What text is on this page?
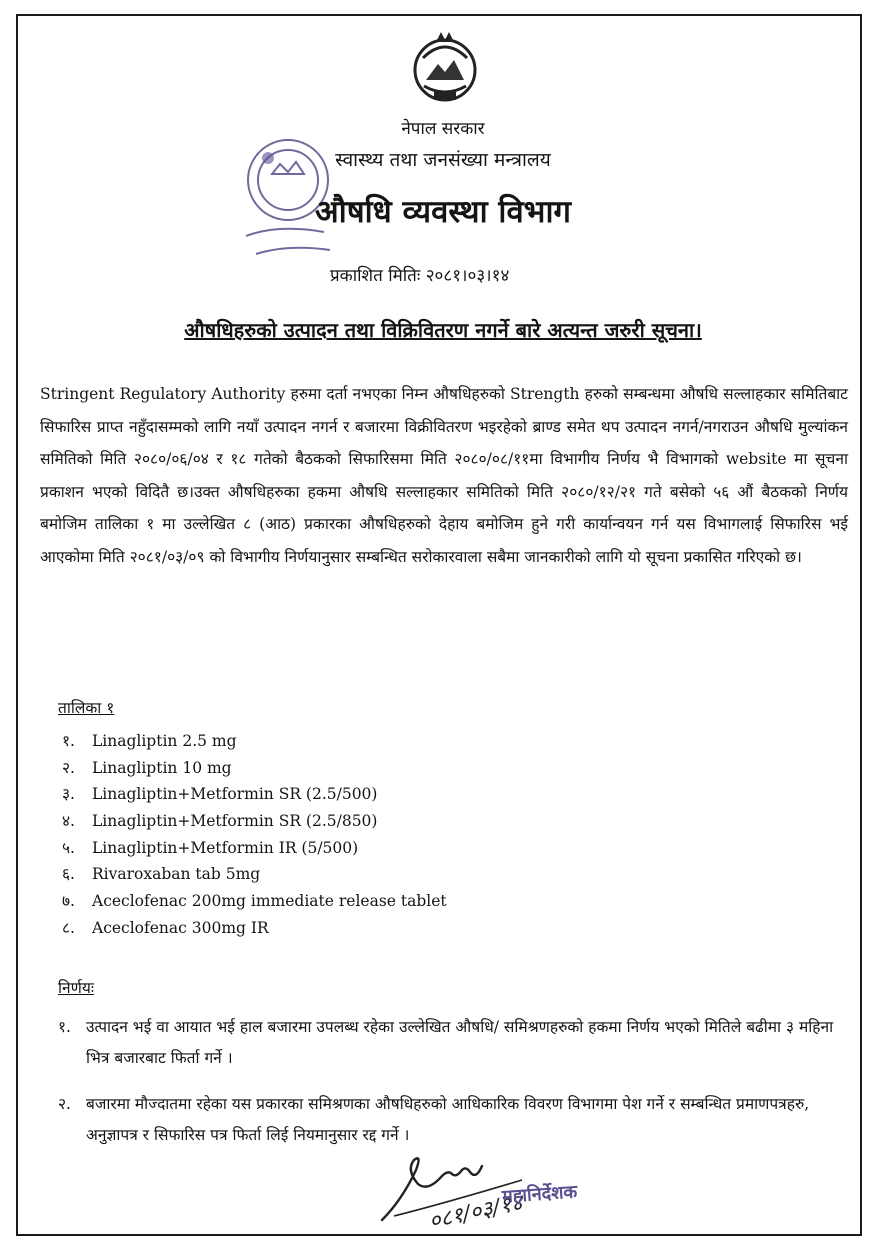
नेपाल सरकार

स्वास्थ्य तथा जनसंख्या मन्त्रालय

औषधि व्यवस्था विभाग

प्रकाशित मितिः २०८१।०३।१४

औषधिहरुको उत्पादन तथा विक्रिवितरण नगर्ने बारे अत्यन्त जरुरी सूचना।

Stringent Regulatory Authority हरुमा दर्ता नभएका निम्न औषधिहरुको Strength हरुको सम्बन्धमा औषधि सल्लाहकार समितिबाट सिफारिस प्राप्त नहुँदासम्मको लागि नयाँ उत्पादन नगर्न र बजारमा विक्रीवितरण भइरहेको ब्राण्ड समेत थप उत्पादन नगर्न/नगराउन औषधि मुल्यांकन समितिको मिति २०८०/०६/०४ र १८ गतेको बैठकको सिफारिसमा मिति २०८०/०८/११मा विभागीय निर्णय भै विभागको website मा सूचना प्रकाशन भएको विदितै छ।उक्त औषधिहरुका हकमा औषधि सल्लाहकार समितिको मिति २०८०/१२/२१ गते बसेको ५६ औं बैठकको निर्णय बमोजिम तालिका १ मा उल्लेखित ८ (आठ) प्रकारका औषधिहरुको देहाय बमोजिम हुने गरी कार्यान्वयन गर्न यस विभागलाई सिफारिस भई आएकोमा मिति २०८१/०३/०९ को विभागीय निर्णयानुसार सम्बन्धित सरोकारवाला सबैमा जानकारीको लागि यो सूचना प्रकासित गरिएको छ।

तालिका १

१. Linagliptin 2.5 mg
२. Linagliptin 10 mg
३. Linagliptin+Metformin SR (2.5/500)
४. Linagliptin+Metformin SR (2.5/850)
५. Linagliptin+Metformin IR (5/500)
६. Rivaroxaban tab 5mg
७. Aceclofenac 200mg immediate release tablet
८. Aceclofenac 300mg IR

निर्णयः

१. उत्पादन भई वा आयात भई हाल बजारमा उपलब्ध रहेका उल्लेखित औषधि/ समिश्रणहरुको हकमा निर्णय भएको मितिले बढीमा ३ महिना भित्र बजारबाट फिर्ता गर्ने ।
२. बजारमा मौज्दातमा रहेका यस प्रकारका समिश्रणका औषधिहरुको आधिकारिक विवरण विभागमा पेश गर्ने र सम्बन्धित प्रमाणपत्रहरु, अनुज्ञापत्र र सिफारिस पत्र फिर्ता लिई नियमानुसार रद्द गर्ने ।

०८१/०३/१४

महानिर्देशक
